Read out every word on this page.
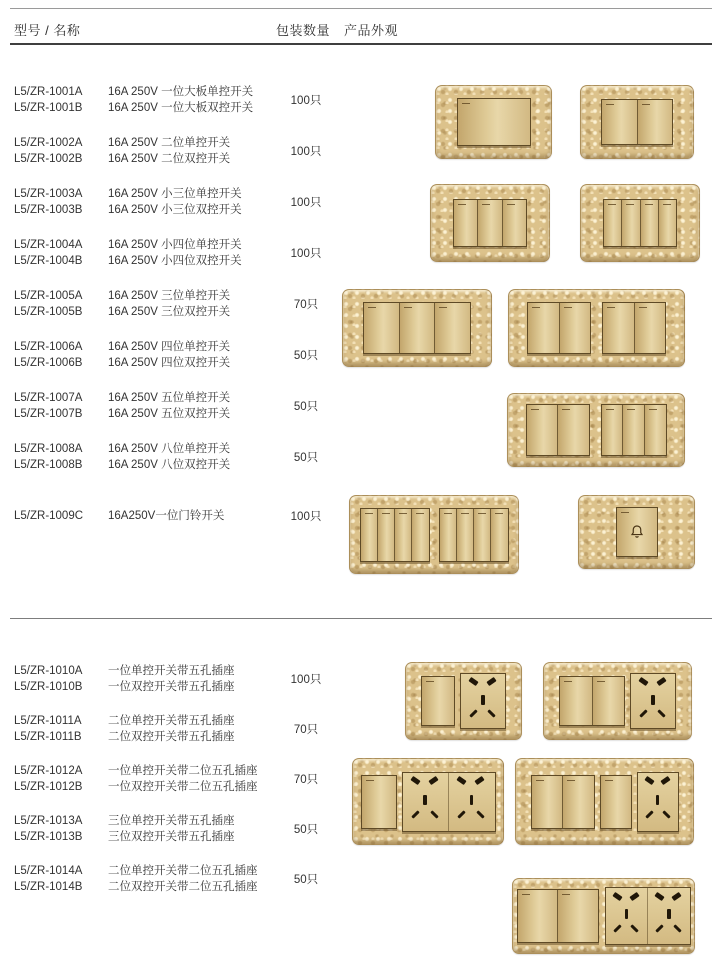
型号 / 名称	包装数量 产品外观
L5/ZR-1001A	16A 250V 一位大板单控开关
L5/ZR-1001B	16A 250V 一位大板双控开关
100只
L5/ZR-1002A	16A 250V 二位单控开关
L5/ZR-1002B	16A 250V 二位双控开关
100只
L5/ZR-1003A	16A 250V 小三位单控开关
L5/ZR-1003B	16A 250V 小三位双控开关
100只
L5/ZR-1004A	16A 250V 小四位单控开关
L5/ZR-1004B	16A 250V 小四位双控开关
100只
L5/ZR-1005A	16A 250V 三位单控开关
L5/ZR-1005B	16A 250V 三位双控开关
70只
L5/ZR-1006A	16A 250V 四位单控开关
L5/ZR-1006B	16A 250V 四位双控开关
50只
L5/ZR-1007A	16A 250V 五位单控开关
L5/ZR-1007B	16A 250V 五位双控开关
50只
L5/ZR-1008A	16A 250V 八位单控开关
L5/ZR-1008B	16A 250V 八位双控开关
50只
L5/ZR-1009C	16A250V一位门铃开关	100只
L5/ZR-1010A	一位单控开关带五孔插座
L5/ZR-1010B	一位双控开关带五孔插座
100只
L5/ZR-1011A	二位单控开关带五孔插座
L5/ZR-1011B	二位双控开关带五孔插座
70只
L5/ZR-1012A	一位单控开关带二位五孔插座
L5/ZR-1012B	一位双控开关带二位五孔插座
70只
L5/ZR-1013A	三位单控开关带五孔插座
L5/ZR-1013B	三位双控开关带五孔插座
50只
L5/ZR-1014A	二位单控开关带二位五孔插座
L5/ZR-1014B	二位双控开关带二位五孔插座
50只
